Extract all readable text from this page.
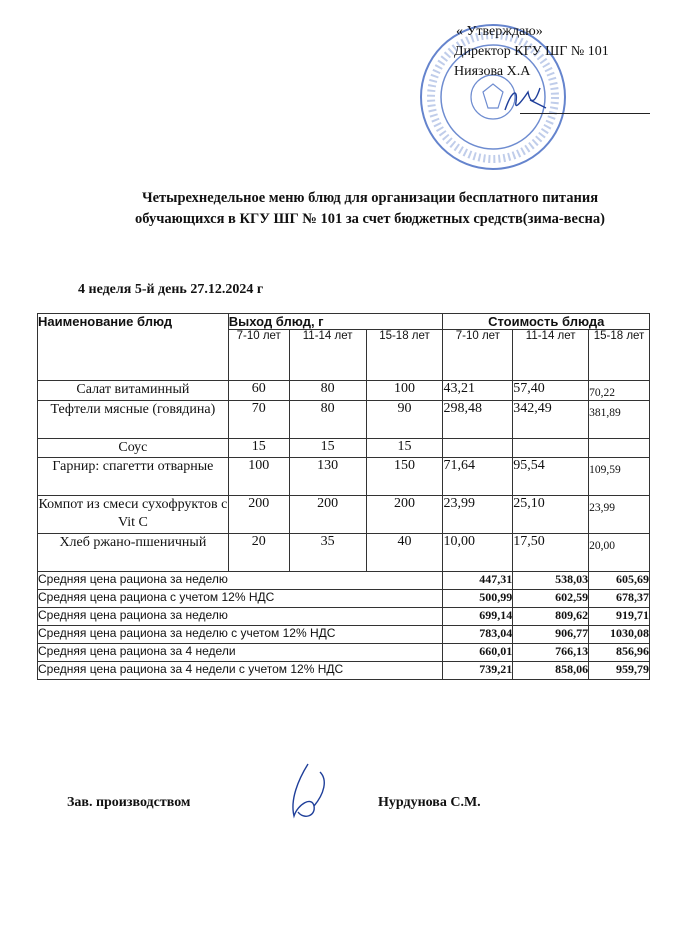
« Утверждаю»
Директор КГУ ШГ № 101
Ниязова Х.А
Четырехнедельное меню блюд для организации бесплатного питания
обучающихся в КГУ ШГ № 101 за счет бюджетных средств(зима-весна)
4 неделя 5-й день 27.12.2024 г
Наименование блюд	Выход блюд, г			Стоимость блюда		
	7-10 лет	11-14 лет	15-18 лет	7-10 лет	11-14 лет	15-18 лет
Салат витаминный	60	80	100	43,21	57,40	70,22
Тефтели мясные (говядина)	70	80	90	298,48	342,49	381,89
Соус	15	15	15			
Гарнир: спагетти отварные	100	130	150	71,64	95,54	109,59
Компот из смеси сухофруктов с Vit C	200	200	200	23,99	25,10	23,99
Хлеб ржано-пшеничный	20	35	40	10,00	17,50	20,00
Средняя цена рациона за неделю				447,31	538,03	605,69
Средняя цена рациона с учетом 12% НДС				500,99	602,59	678,37
Средняя цена рациона за неделю				699,14	809,62	919,71
Средняя цена рациона за неделю с учетом 12% НДС				783,04	906,77	1030,08
Средняя цена рациона за 4 недели				660,01	766,13	856,96
Средняя цена рациона за 4 недели с учетом 12% НДС				739,21	858,06	959,79
Зав. производством	Нурдунова С.М.
